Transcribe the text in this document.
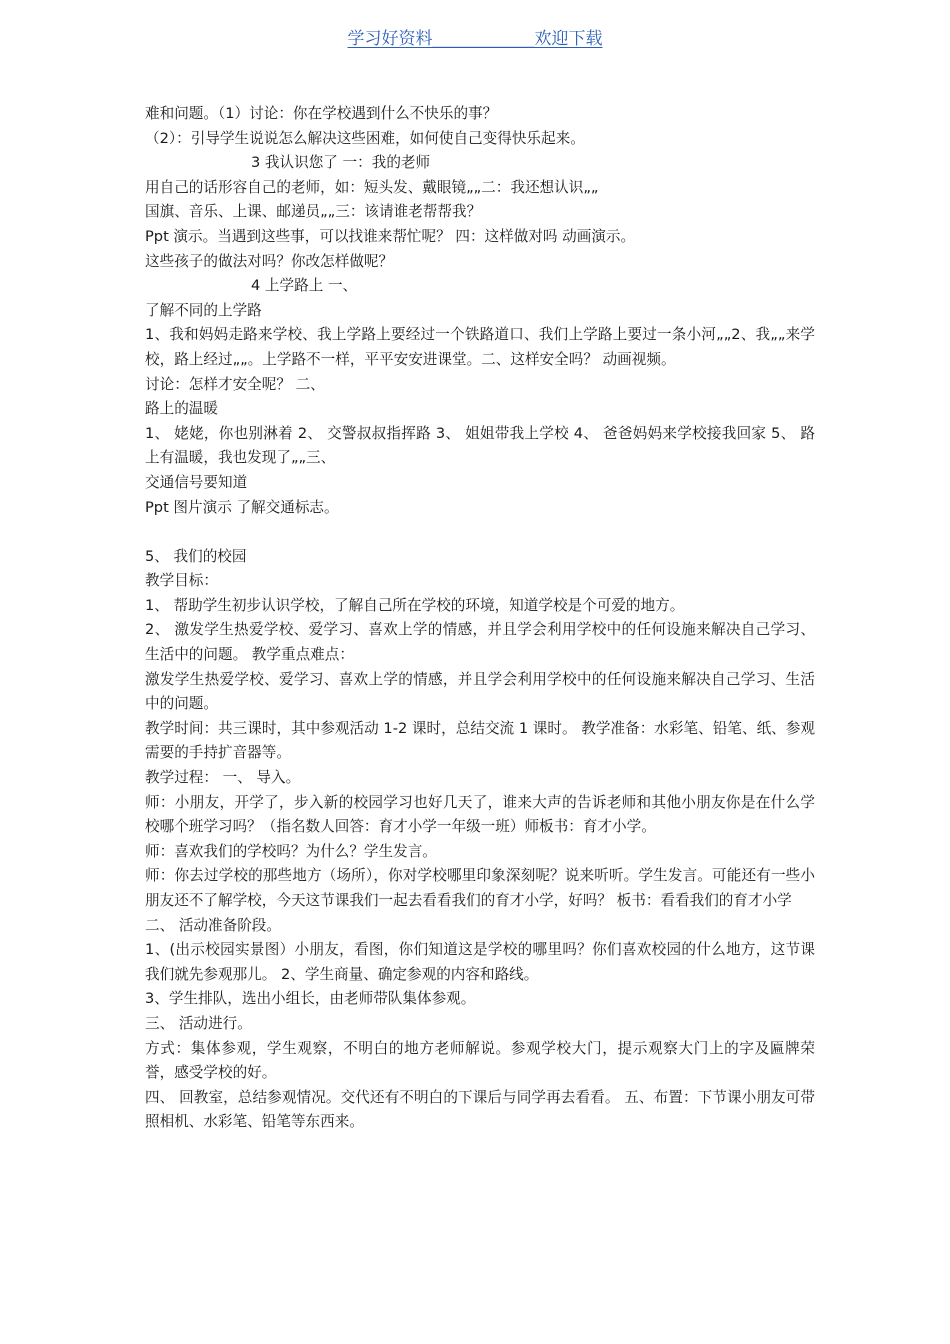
学习好资料____________欢迎下载

难和问题。（1）讨论：你在学校遇到什么不快乐的事？

（2）：引导学生说说怎么解决这些困难，如何使自己变得快乐起来。

3 我认识您了 一：我的老师

用自己的话形容自己的老师，如：短头发、戴眼镜„„二：我还想认识„„

国旗、音乐、上课、邮递员„„三：该请谁老帮帮我？

Ppt 演示。当遇到这些事，可以找谁来帮忙呢？ 四：这样做对吗 动画演示。

这些孩子的做法对吗？你改怎样做呢？

4 上学路上 一、

了解不同的上学路

1、我和妈妈走路来学校、我上学路上要经过一个铁路道口、我们上学路上要过一条小河„„2、我„„来学校，路上经过„„。上学路不一样，平平安安进课堂。二、这样安全吗？ 动画视频。

讨论：怎样才安全呢？ 二、

路上的温暖

1、 姥姥，你也别淋着 2、 交警叔叔指挥路 3、 姐姐带我上学校 4、 爸爸妈妈来学校接我回家 5、 路上有温暖，我也发现了„„三、

交通信号要知道

Ppt 图片演示 了解交通标志。

5、 我们的校园

教学目标：

1、 帮助学生初步认识学校，了解自己所在学校的环境，知道学校是个可爱的地方。

2、 激发学生热爱学校、爱学习、喜欢上学的情感，并且学会利用学校中的任何设施来解决自己学习、生活中的问题。 教学重点难点：

激发学生热爱学校、爱学习、喜欢上学的情感，并且学会利用学校中的任何设施来解决自己学习、生活中的问题。

教学时间：共三课时，其中参观活动 1-2 课时，总结交流 1 课时。 教学准备：水彩笔、铅笔、纸、参观需要的手持扩音器等。

教学过程： 一、 导入。

师：小朋友，开学了，步入新的校园学习也好几天了，谁来大声的告诉老师和其他小朋友你是在什么学校哪个班学习吗？（指名数人回答：育才小学一年级一班）师板书：育才小学。

师：喜欢我们的学校吗？为什么？学生发言。

师：你去过学校的那些地方（场所），你对学校哪里印象深刻呢？说来听听。学生发言。可能还有一些小朋友还不了解学校，今天这节课我们一起去看看我们的育才小学，好吗？ 板书：看看我们的育才小学

二、 活动准备阶段。

1、(出示校园实景图）小朋友，看图，你们知道这是学校的哪里吗？你们喜欢校园的什么地方，这节课我们就先参观那儿。 2、学生商量、确定参观的内容和路线。

3、学生排队，选出小组长，由老师带队集体参观。

三、 活动进行。

方式：集体参观，学生观察，不明白的地方老师解说。参观学校大门，提示观察大门上的字及匾牌荣誉，感受学校的好。

四、 回教室，总结参观情况。交代还有不明白的下课后与同学再去看看。 五、布置：下节课小朋友可带照相机、水彩笔、铅笔等东西来。
